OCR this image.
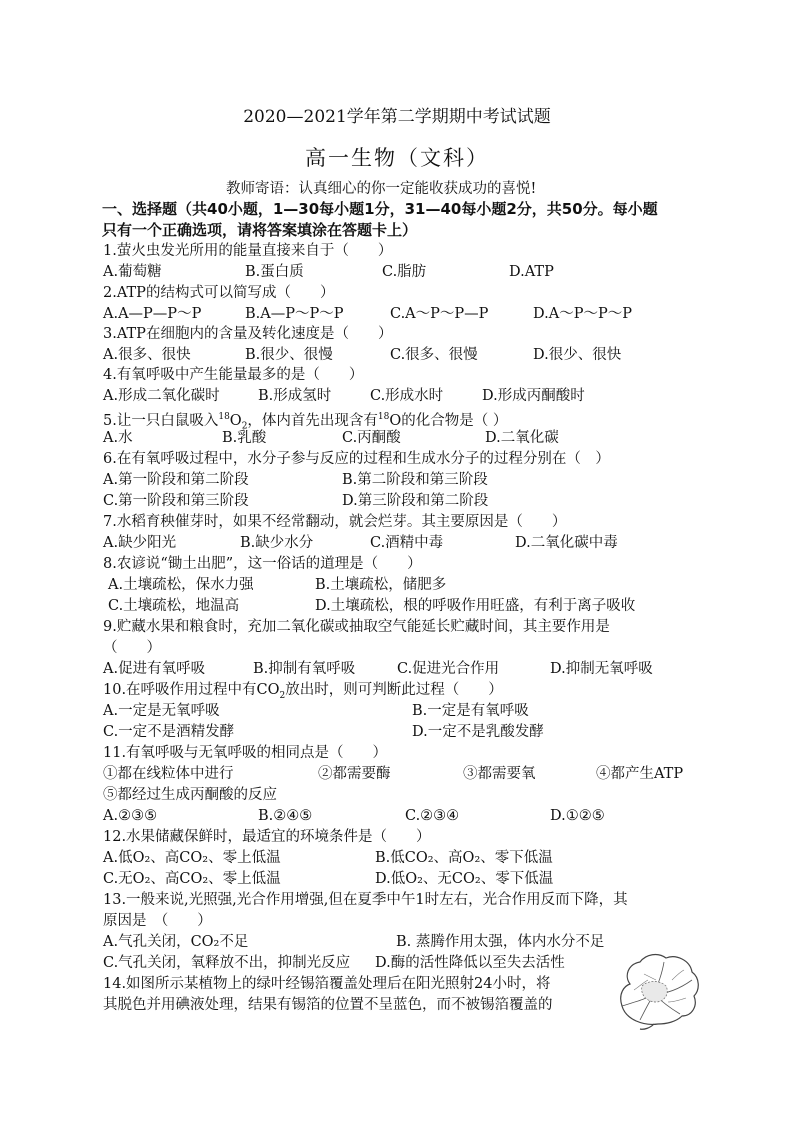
2020—2021学年第二学期期中考试试题
高一生物（文科）
教师寄语：认真细心的你一定能收获成功的喜悦!
一、选择题（共40小题，1—30每小题1分，31—40每小题2分，共50分。每小题
只有一个正确选项，请将答案填涂在答题卡上）
1.萤火虫发光所用的能量直接来自于（　　）
A.葡萄糖	B.蛋白质	C.脂肪	D.ATP
2.ATP的结构式可以简写成（　　）
A.A—P—P～P	B.A—P～P～P	C.A～P～P—P	D.A～P～P～P
3.ATP在细胞内的含量及转化速度是（　　）
A.很多、很快	B.很少、很慢	C.很多、很慢	D.很少、很快
4.有氧呼吸中产生能量最多的是（　　）
A.形成二氧化碳时	B.形成氢时	C.形成水时	D.形成丙酮酸时
5.让一只白鼠吸入$^{18}O_2$，体内首先出现含有$^{18}$O的化合物是（ ）
A.水	B.乳酸	C.丙酮酸	D.二氧化碳
6.在有氧呼吸过程中，水分子参与反应的过程和生成水分子的过程分别在（　）
A.第一阶段和第二阶段	B.第二阶段和第三阶段
C.第一阶段和第三阶段	D.第三阶段和第二阶段
7.水稻育秧催芽时，如果不经常翻动，就会烂芽。其主要原因是（　　）
A.缺少阳光	B.缺少水分	C.酒精中毒	D.二氧化碳中毒
8.农谚说“锄土出肥”，这一俗话的道理是（　　）
A.土壤疏松，保水力强	B.土壤疏松，储肥多
C.土壤疏松，地温高	D.土壤疏松，根的呼吸作用旺盛，有利于离子吸收
9.贮藏水果和粮食时，充加二氧化碳或抽取空气能延长贮藏时间，其主要作用是
（　　）
A.促进有氧呼吸	B.抑制有氧呼吸	C.促进光合作用	D.抑制无氧呼吸
10.在呼吸作用过程中有$CO_2$放出时，则可判断此过程（　　）
A.一定是无氧呼吸	B.一定是有氧呼吸
C.一定不是酒精发酵	D.一定不是乳酸发酵
11.有氧呼吸与无氧呼吸的相同点是（　　）
①都在线粒体中进行	②都需要酶	③都需要氧	④都产生ATP
⑤都经过生成丙酮酸的反应
A.②③⑤	B.②④⑤	C.②③④	D.①②⑤
12.水果储藏保鲜时，最适宜的环境条件是（　　）
A.低O₂、高CO₂、零上低温	B.低CO₂、高O₂、零下低温
C.无O₂、高CO₂、零上低温	D.低O₂、无CO₂、零下低温
13.一般来说,光照强,光合作用增强,但在夏季中午1时左右，光合作用反而下降，其
原因是　（　　）
A.气孔关闭，CO₂不足	B. 蒸腾作用太强，体内水分不足
C.气孔关闭，氧释放不出，抑制光反应 D.酶的活性降低以至失去活性
14.如图所示某植物上的绿叶经锡箔覆盖处理后在阳光照射24小时，将
其脱色并用碘液处理，结果有锡箔的位置不呈蓝色，而不被锡箔覆盖的
